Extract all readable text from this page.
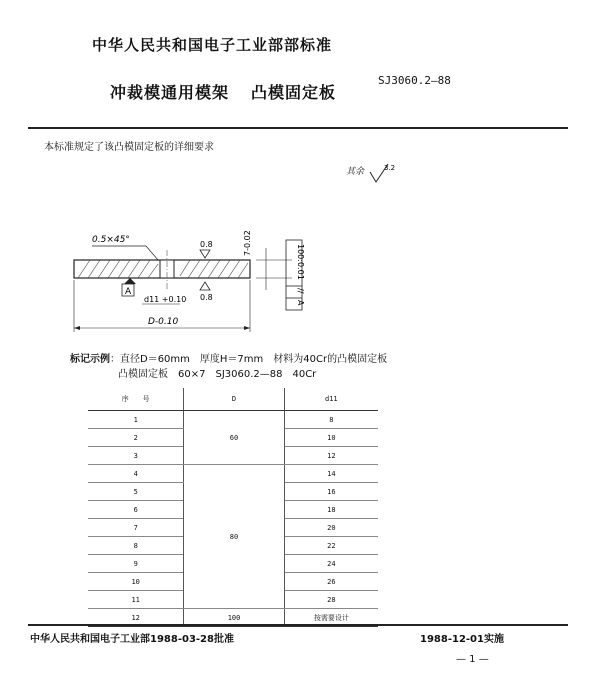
中华人民共和国电子工业部部标准
冲裁模通用模架 凸模固定板
SJ3060.2—88
本标准规定了该凸模固定板的详细要求
其余	3.2
0.5×45°	0.8
0.8
A
d11 +0.10
D-0.10
7-0.02
100:0.01
//
A
标记示例：直径D＝60mm　厚度H＝7mm　材料为40Cr的凸模固定板
凸模固定板　60×7　SJ3060.2—88　40Cr
序　　号	D	d11
1	60	8
2		10
3		12
4	80	14
5		16
6		18
7		20
8		22
9		24
10		26
11		28
12	100	按需要设计
中华人民共和国电子工业部1988-03-28批准	1988-12-01实施
— 1 —
